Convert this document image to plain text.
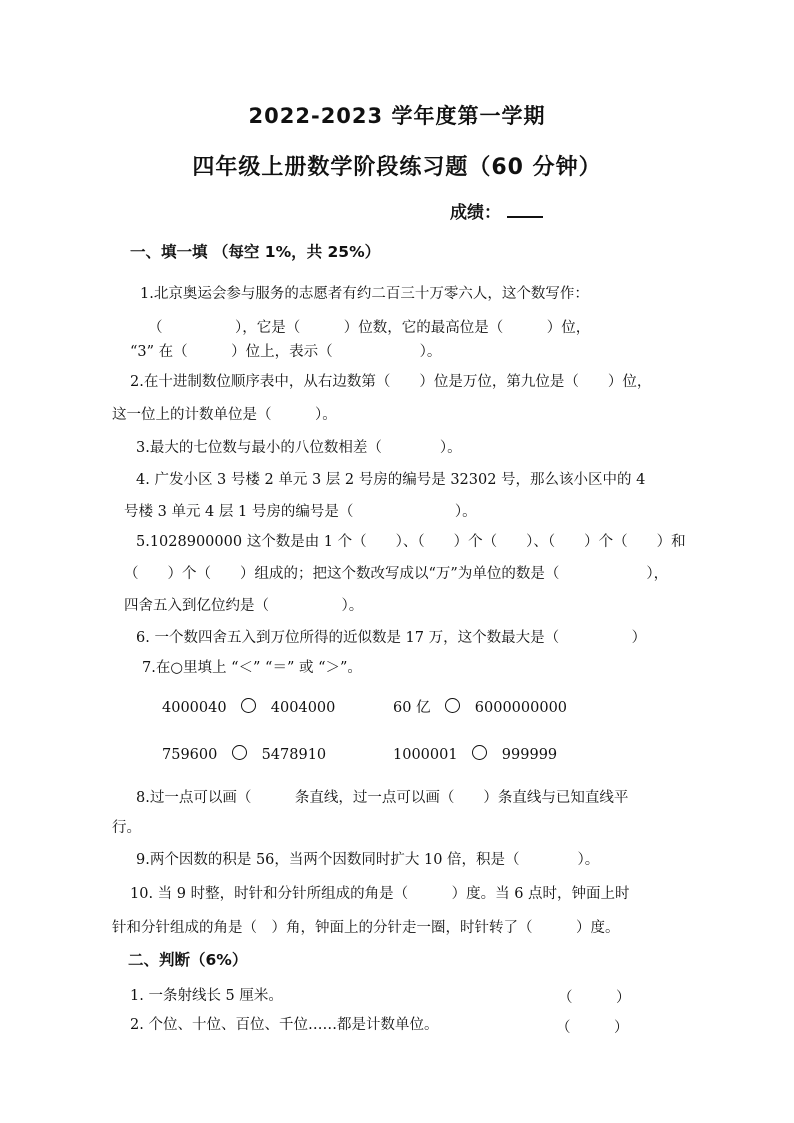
2022-2023 学年度第一学期
四年级上册数学阶段练习题（60 分钟）
成绩：
一、填一填 （每空 1%，共 25%）
1.北京奥运会参与服务的志愿者有约二百三十万零六人，这个数写作：
（　　　　　），它是（　　　）位数，它的最高位是（　　　）位，
“3” 在（　　　）位上，表示（　　　　　　）。
2.在十进制数位顺序表中，从右边数第（　　）位是万位，第九位是（　　）位，
这一位上的计数单位是（　　　）。
3.最大的七位数与最小的八位数相差（　　　　）。
4. 广发小区 3 号楼 2 单元 3 层 2 号房的编号是 32302 号，那么该小区中的 4
号楼 3 单元 4 层 1 号房的编号是（　　　　　　　）。
5.1028900000 这个数是由 1 个（　　）、（　　）个（　　）、（　　）个（　　）和
（　　）个（　　）组成的；把这个数改写成以“万”为单位的数是（　　　　　　），
四舍五入到亿位约是（　　　　　）。
6. 一个数四舍五入到万位所得的近似数是 17 万，这个数最大是（　　　　　）
7.在○里填上 “＜” “＝” 或 “＞”。
4000040	4004000	60 亿	6000000000
759600	5478910	1000001	999999
8.过一点可以画（　　　条直线，过一点可以画（　　）条直线与已知直线平
行。
9.两个因数的积是 56，当两个因数同时扩大 10 倍，积是（　　　　）。
10. 当 9 时整，时针和分针所组成的角是（　　　）度。当 6 点时，钟面上时
针和分针组成的角是（　）角，钟面上的分针走一圈，时针转了（　　　）度。
二、判断（6%）
1. 一条射线长 5 厘米。	（　　　）
2. 个位、十位、百位、千位……都是计数单位。	（　　　）
